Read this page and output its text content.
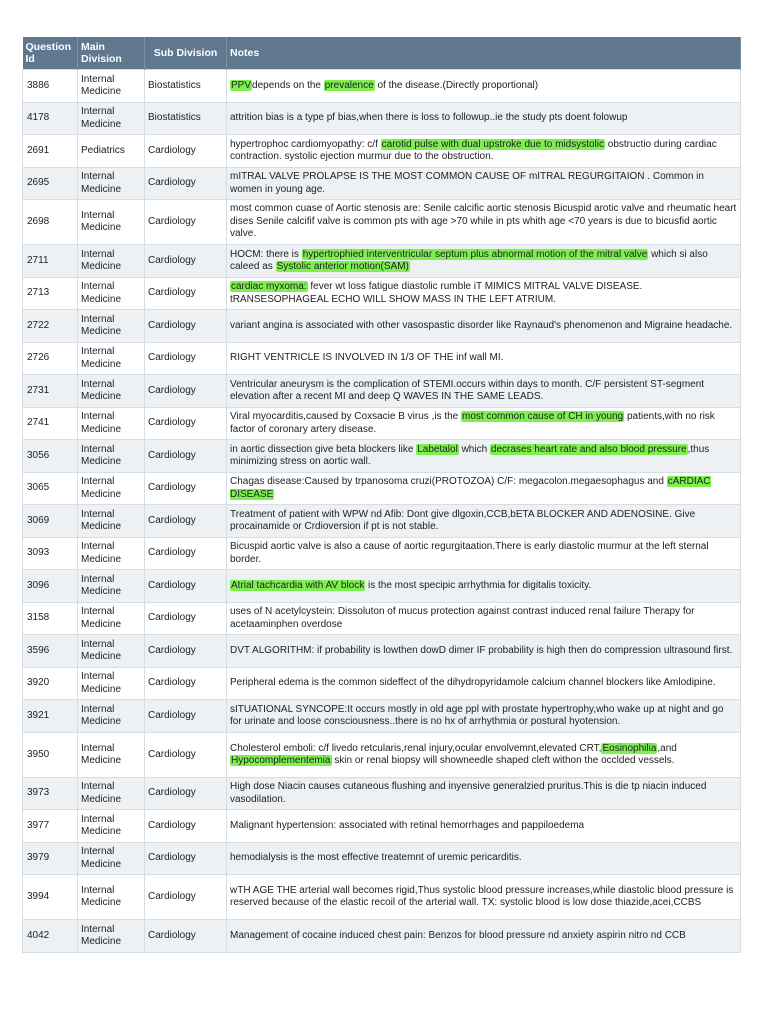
Question Id	Main Division	Sub Division	Notes
3886	Internal Medicine	Biostatistics	PPVdepends on the prevalence of the disease.(Directly proportional)
4178	Internal Medicine	Biostatistics	attrition bias is a type pf bias,when there is loss to followup..ie the study pts doent folowup
2691	Pediatrics	Cardiology	hypertrophoc cardiomyopathy: c/f carotid pulse with dual upstroke due to midsystolic obstructio during cardiac contraction. systolic ejection murmur due to the obstruction.
2695	Internal Medicine	Cardiology	mITRAL VALVE PROLAPSE IS THE MOST COMMON CAUSE OF mITRAL REGURGITAION . Common in women in young age.
2698	Internal Medicine	Cardiology	most common cuase of Aortic stenosis are: Senile calcific aortic stenosis Bicuspid arotic valve and rheumatic heart dises Senile calcifif valve is common pts with age >70 while in pts whith age <70 years is due to bicusfid aortic valve.
2711	Internal Medicine	Cardiology	HOCM: there is hypertrophied interventricular septum plus abnormal motion of the mitral valve which si also caleed as Systolic anterior motion(SAM)
2713	Internal Medicine	Cardiology	cardiac myxoma: fever wt loss fatigue diastolic rumble iT MIMICS MITRAL VALVE DISEASE. tRANSESOPHAGEAL ECHO WILL SHOW MASS IN THE LEFT ATRIUM.
2722	Internal Medicine	Cardiology	variant angina is associated with other vasospastic disorder like Raynaud's phenomenon and Migraine headache.
2726	Internal Medicine	Cardiology	RIGHT VENTRICLE IS INVOLVED IN 1/3 OF THE inf wall MI.
2731	Internal Medicine	Cardiology	Ventricular aneurysm is the complication of STEMI.occurs within days to month. C/F persistent ST-segment elevation after a recent MI and deep Q WAVES IN THE SAME LEADS.
2741	Internal Medicine	Cardiology	Viral myocarditis,caused by Coxsacie B virus ,is the most common cause of CH in young patients,with no risk factor of coronary artery disease.
3056	Internal Medicine	Cardiology	in aortic dissection give beta blockers like Labetalol which decrases heart rate and also blood pressure,thus minimizing stress on aortic wall.
3065	Internal Medicine	Cardiology	Chagas disease:Caused by trpanosoma cruzi(PROTOZOA) C/F: megacolon.megaesophagus and cARDIAC DISEASE
3069	Internal Medicine	Cardiology	Treatment of patient with WPW nd Afib: Dont give dlgoxin,CCB,bETA BLOCKER AND ADENOSINE. Give procainamide or Crdioversion if pt is not stable.
3093	Internal Medicine	Cardiology	Bicuspid aortic valve is also a cause of aortic regurgitaation.There is early diastolic murmur at the left sternal border.
3096	Internal Medicine	Cardiology	Atrial tachcardia with AV block is the most specipic arrhythmia for digitalis toxicity.
3158	Internal Medicine	Cardiology	uses of N acetylcystein: Dissoluton of mucus protection against contrast induced renal failure Therapy for acetaaminphen overdose
3596	Internal Medicine	Cardiology	DVT ALGORITHM: if probability is lowthen dowD dimer IF probability is high then do compression ultrasound first.
3920	Internal Medicine	Cardiology	Peripheral edema is the common sideffect of the dihydropyridamole calcium channel blockers like Amlodipine.
3921	Internal Medicine	Cardiology	sITUATIONAL SYNCOPE:It occurs mostly in old age ppl with prostate hypertrophy,who wake up at night and go for urinate and loose consciousness..there is no hx of arrhythmia or postural hyotension.
3950	Internal Medicine	Cardiology	Cholesterol emboli: c/f livedo retcularis,renal injury,ocular envolvemnt,elevated CRT,Eosinophilia,and Hypocomplementemia skin or renal biopsy will showneedle shaped cleft withon the occlded vessels.
3973	Internal Medicine	Cardiology	High dose Niacin causes cutaneous flushing and inyensive generalzied pruritus.This is die tp niacin induced vasodilation.
3977	Internal Medicine	Cardiology	Malignant hypertension: associated with retinal hemorrhages and pappiloedema
3979	Internal Medicine	Cardiology	hemodialysis is the most effective treatemnt of uremic pericarditis.
3994	Internal Medicine	Cardiology	wTH AGE THE arterial wall becomes rigid,Thus systolic blood pressure increases,while diastolic blood pressure is reserved because of the elastic recoil of the arterial wall. TX: systolic blood is low dose thiazide,acei,CCBS
4042	Internal Medicine	Cardiology	Management of cocaine induced chest pain: Benzos for blood pressure nd anxiety aspirin nitro nd CCB
